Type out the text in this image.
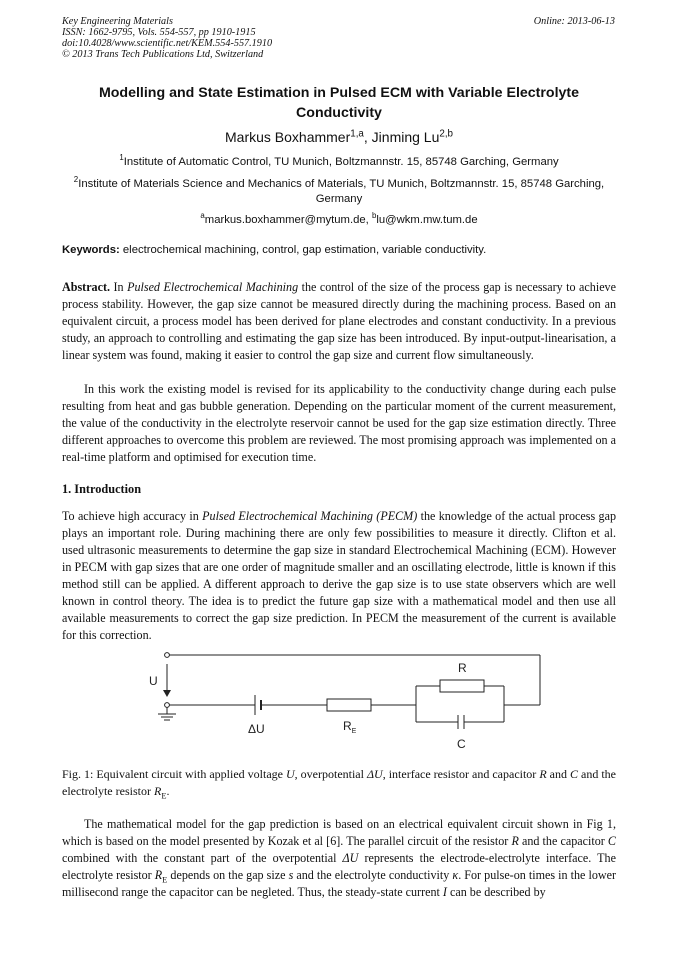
Key Engineering Materials
ISSN: 1662-9795, Vols. 554-557, pp 1910-1915
doi:10.4028/www.scientific.net/KEM.554-557.1910
© 2013 Trans Tech Publications Ltd, Switzerland
Online: 2013-06-13
Modelling and State Estimation in Pulsed ECM with Variable Electrolyte Conductivity
Markus Boxhammer$^{1,a}$, Jinming Lu$^{2,b}$
$^1$Institute of Automatic Control, TU Munich, Boltzmannstr. 15, 85748 Garching, Germany
$^2$Institute of Materials Science and Mechanics of Materials, TU Munich, Boltzmannstr. 15, 85748 Garching, Germany
$^a$markus.boxhammer@mytum.de, $^b$lu@wkm.mw.tum.de
Keywords: electrochemical machining, control, gap estimation, variable conductivity.
Abstract. In Pulsed Electrochemical Machining the control of the size of the process gap is necessary to achieve process stability. However, the gap size cannot be measured directly during the machining process. Based on an equivalent circuit, a process model has been derived for plane electrodes and constant conductivity. In a previous study, an approach to controlling and estimating the gap size has been introduced. By input-output-linearisation, a linear system was found, making it easier to control the gap size and current flow simultaneously.
In this work the existing model is revised for its applicability to the conductivity change during each pulse resulting from heat and gas bubble generation. Depending on the particular moment of the current measurement, the value of the conductivity in the electrolyte reservoir cannot be used for the gap size estimation directly. Three different approaches to overcome this problem are reviewed. The most promising approach was implemented on a real-time platform and optimised for execution time.
1. Introduction
To achieve high accuracy in Pulsed Electrochemical Machining (PECM) the knowledge of the actual process gap plays an important role. During machining there are only few possibilities to measure it directly. Clifton et al. used ultrasonic measurements to determine the gap size in standard Electrochemical Machining (ECM). However in PECM with gap sizes that are one order of magnitude smaller and an oscillating electrode, little is known if this method still can be applied. A different approach to derive the gap size is to use state observers which are well known in control theory. The idea is to predict the future gap size with a mathematical model and then use all available measurements to correct the gap size prediction. In PECM the measurement of the current is available for this correction.
U
ΔU
R
$R_E$
C
Fig. 1: Equivalent circuit with applied voltage U, overpotential ΔU, interface resistor and capacitor R and C and the electrolyte resistor $R_E$.
The mathematical model for the gap prediction is based on an electrical equivalent circuit shown in Fig 1, which is based on the model presented by Kozak et al [6]. The parallel circuit of the resistor R and the capacitor C combined with the constant part of the overpotential ΔU represents the electrode-electrolyte interface. The electrolyte resistor $R_E$ depends on the gap size s and the electrolyte conductivity κ. For pulse-on times in the lower millisecond range the capacitor can be negleted. Thus, the steady-state current I can be described by
